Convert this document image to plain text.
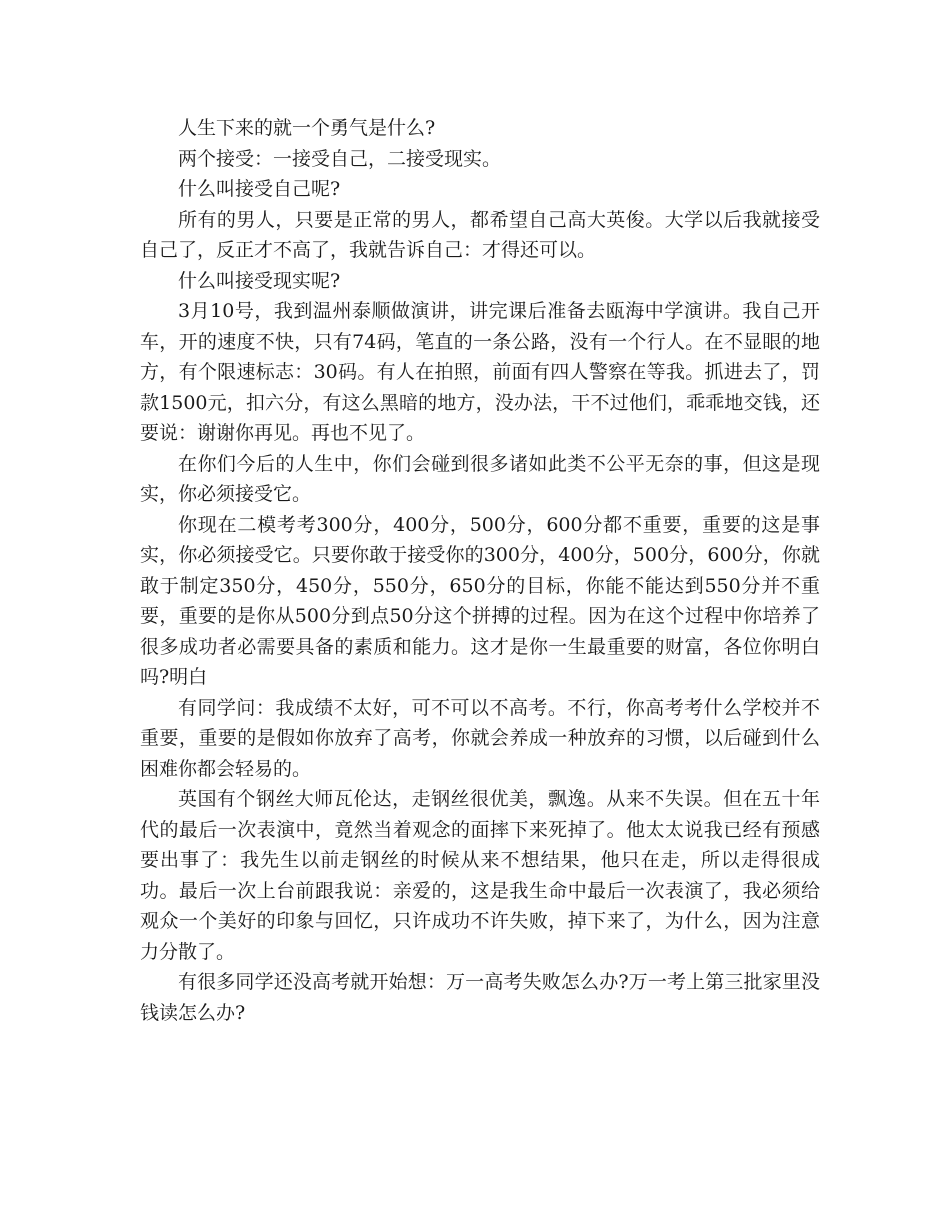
人生下来的就一个勇气是什么?

两个接受：一接受自己，二接受现实。

什么叫接受自己呢?

所有的男人，只要是正常的男人，都希望自己高大英俊。大学以后我就接受自己了，反正才不高了，我就告诉自己：才得还可以。

什么叫接受现实呢?

3月10号，我到温州泰顺做演讲，讲完课后准备去瓯海中学演讲。我自己开车，开的速度不快，只有74码，笔直的一条公路，没有一个行人。在不显眼的地方，有个限速标志：30码。有人在拍照，前面有四人警察在等我。抓进去了，罚款1500元，扣六分，有这么黑暗的地方，没办法，干不过他们，乖乖地交钱，还要说：谢谢你再见。再也不见了。

在你们今后的人生中，你们会碰到很多诸如此类不公平无奈的事，但这是现实，你必须接受它。

你现在二模考考300分，400分，500分，600分都不重要，重要的这是事实，你必须接受它。只要你敢于接受你的300分，400分，500分，600分，你就敢于制定350分，450分，550分，650分的目标，你能不能达到550分并不重要，重要的是你从500分到点50分这个拼搏的过程。因为在这个过程中你培养了很多成功者必需要具备的素质和能力。这才是你一生最重要的财富，各位你明白吗?明白

有同学问：我成绩不太好，可不可以不高考。不行，你高考考什么学校并不重要，重要的是假如你放弃了高考，你就会养成一种放弃的习惯，以后碰到什么困难你都会轻易的。

英国有个钢丝大师瓦伦达，走钢丝很优美，飘逸。从来不失误。但在五十年代的最后一次表演中，竟然当着观念的面摔下来死掉了。他太太说我已经有预感要出事了：我先生以前走钢丝的时候从来不想结果，他只在走，所以走得很成功。最后一次上台前跟我说：亲爱的，这是我生命中最后一次表演了，我必须给观众一个美好的印象与回忆，只许成功不许失败，掉下来了，为什么，因为注意力分散了。

有很多同学还没高考就开始想：万一高考失败怎么办?万一考上第三批家里没钱读怎么办?
